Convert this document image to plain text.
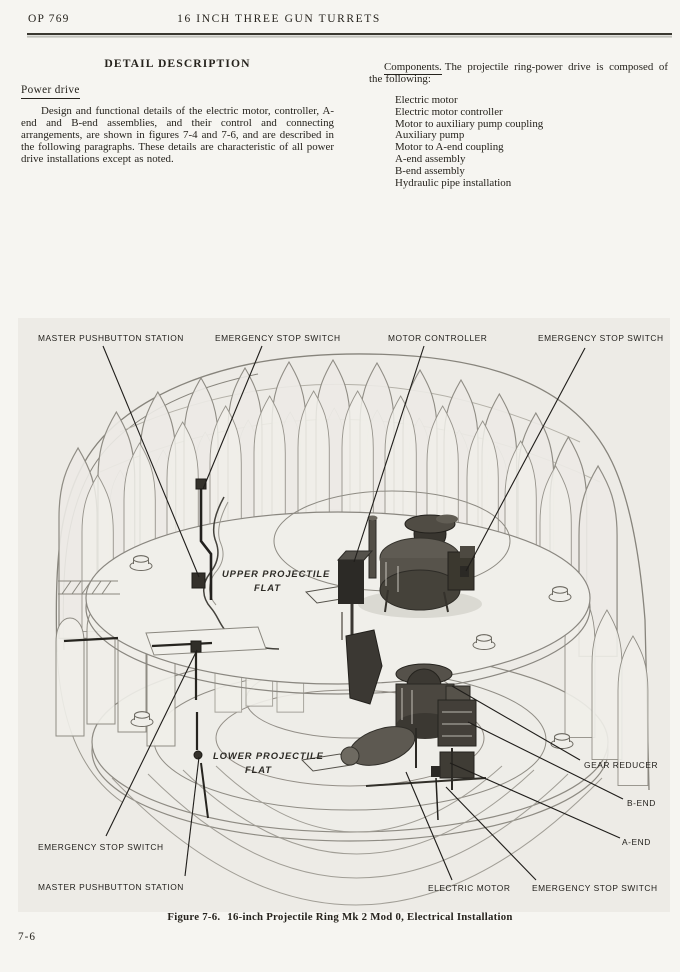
OP 769	16 INCH THREE GUN TURRETS
DETAIL DESCRIPTION
Power drive
Design and functional details of the electric motor, controller, A-end and B-end assemblies, and their control and connecting arrangements, are shown in figures 7-4 and 7-6, and are described in the following paragraphs. These details are characteristic of all power drive installations except as noted.
Components. The projectile ring-power drive is composed of the following:
Electric motor
Electric motor controller
Motor to auxiliary pump coupling
Auxiliary pump
Motor to A-end coupling
A-end assembly
B-end assembly
Hydraulic pipe installation
MASTER PUSHBUTTON STATION	EMERGENCY STOP SWITCH	MOTOR CONTROLLER	EMERGENCY STOP SWITCH
UPPER PROJECTILE
FLAT
LOWER PROJECTILE
FLAT	GEAR REDUCER
B-END
A-END
EMERGENCY STOP SWITCH
MASTER PUSHBUTTON STATION	ELECTRIC MOTOR	EMERGENCY STOP SWITCH
Figure 7-6. 16-inch Projectile Ring Mk 2 Mod 0, Electrical Installation
7-6
